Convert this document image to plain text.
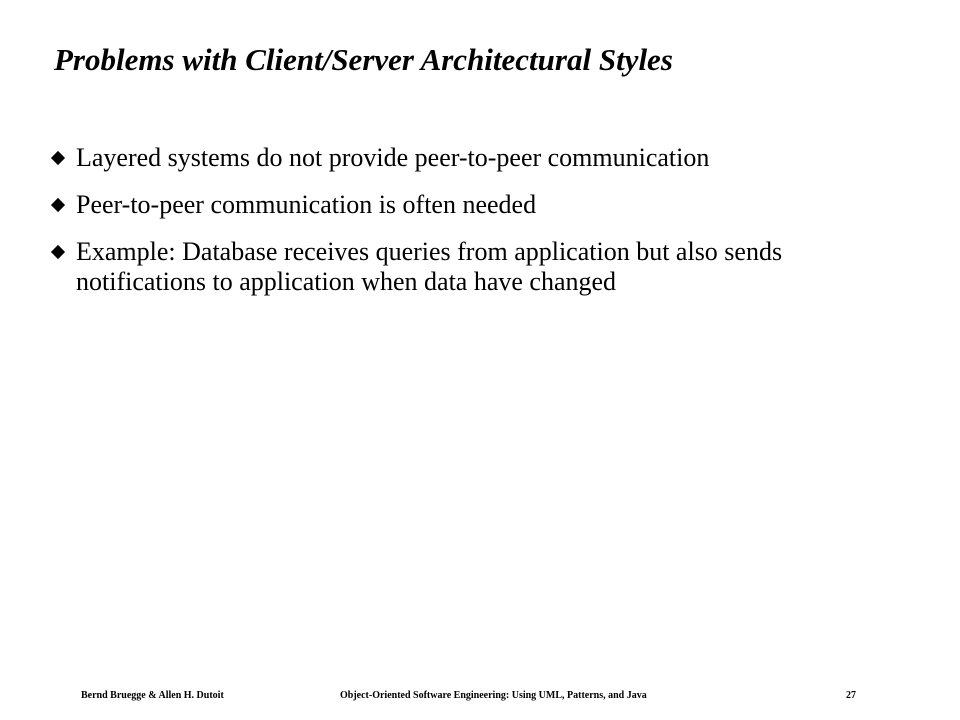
Problems with Client/Server Architectural Styles
Layered systems do not provide peer-to-peer communication
Peer-to-peer communication is often needed
Example: Database receives queries from application but also sends notifications to application when data have changed
Bernd Bruegge & Allen H. Dutoit	Object-Oriented Software Engineering: Using UML, Patterns, and Java	27
